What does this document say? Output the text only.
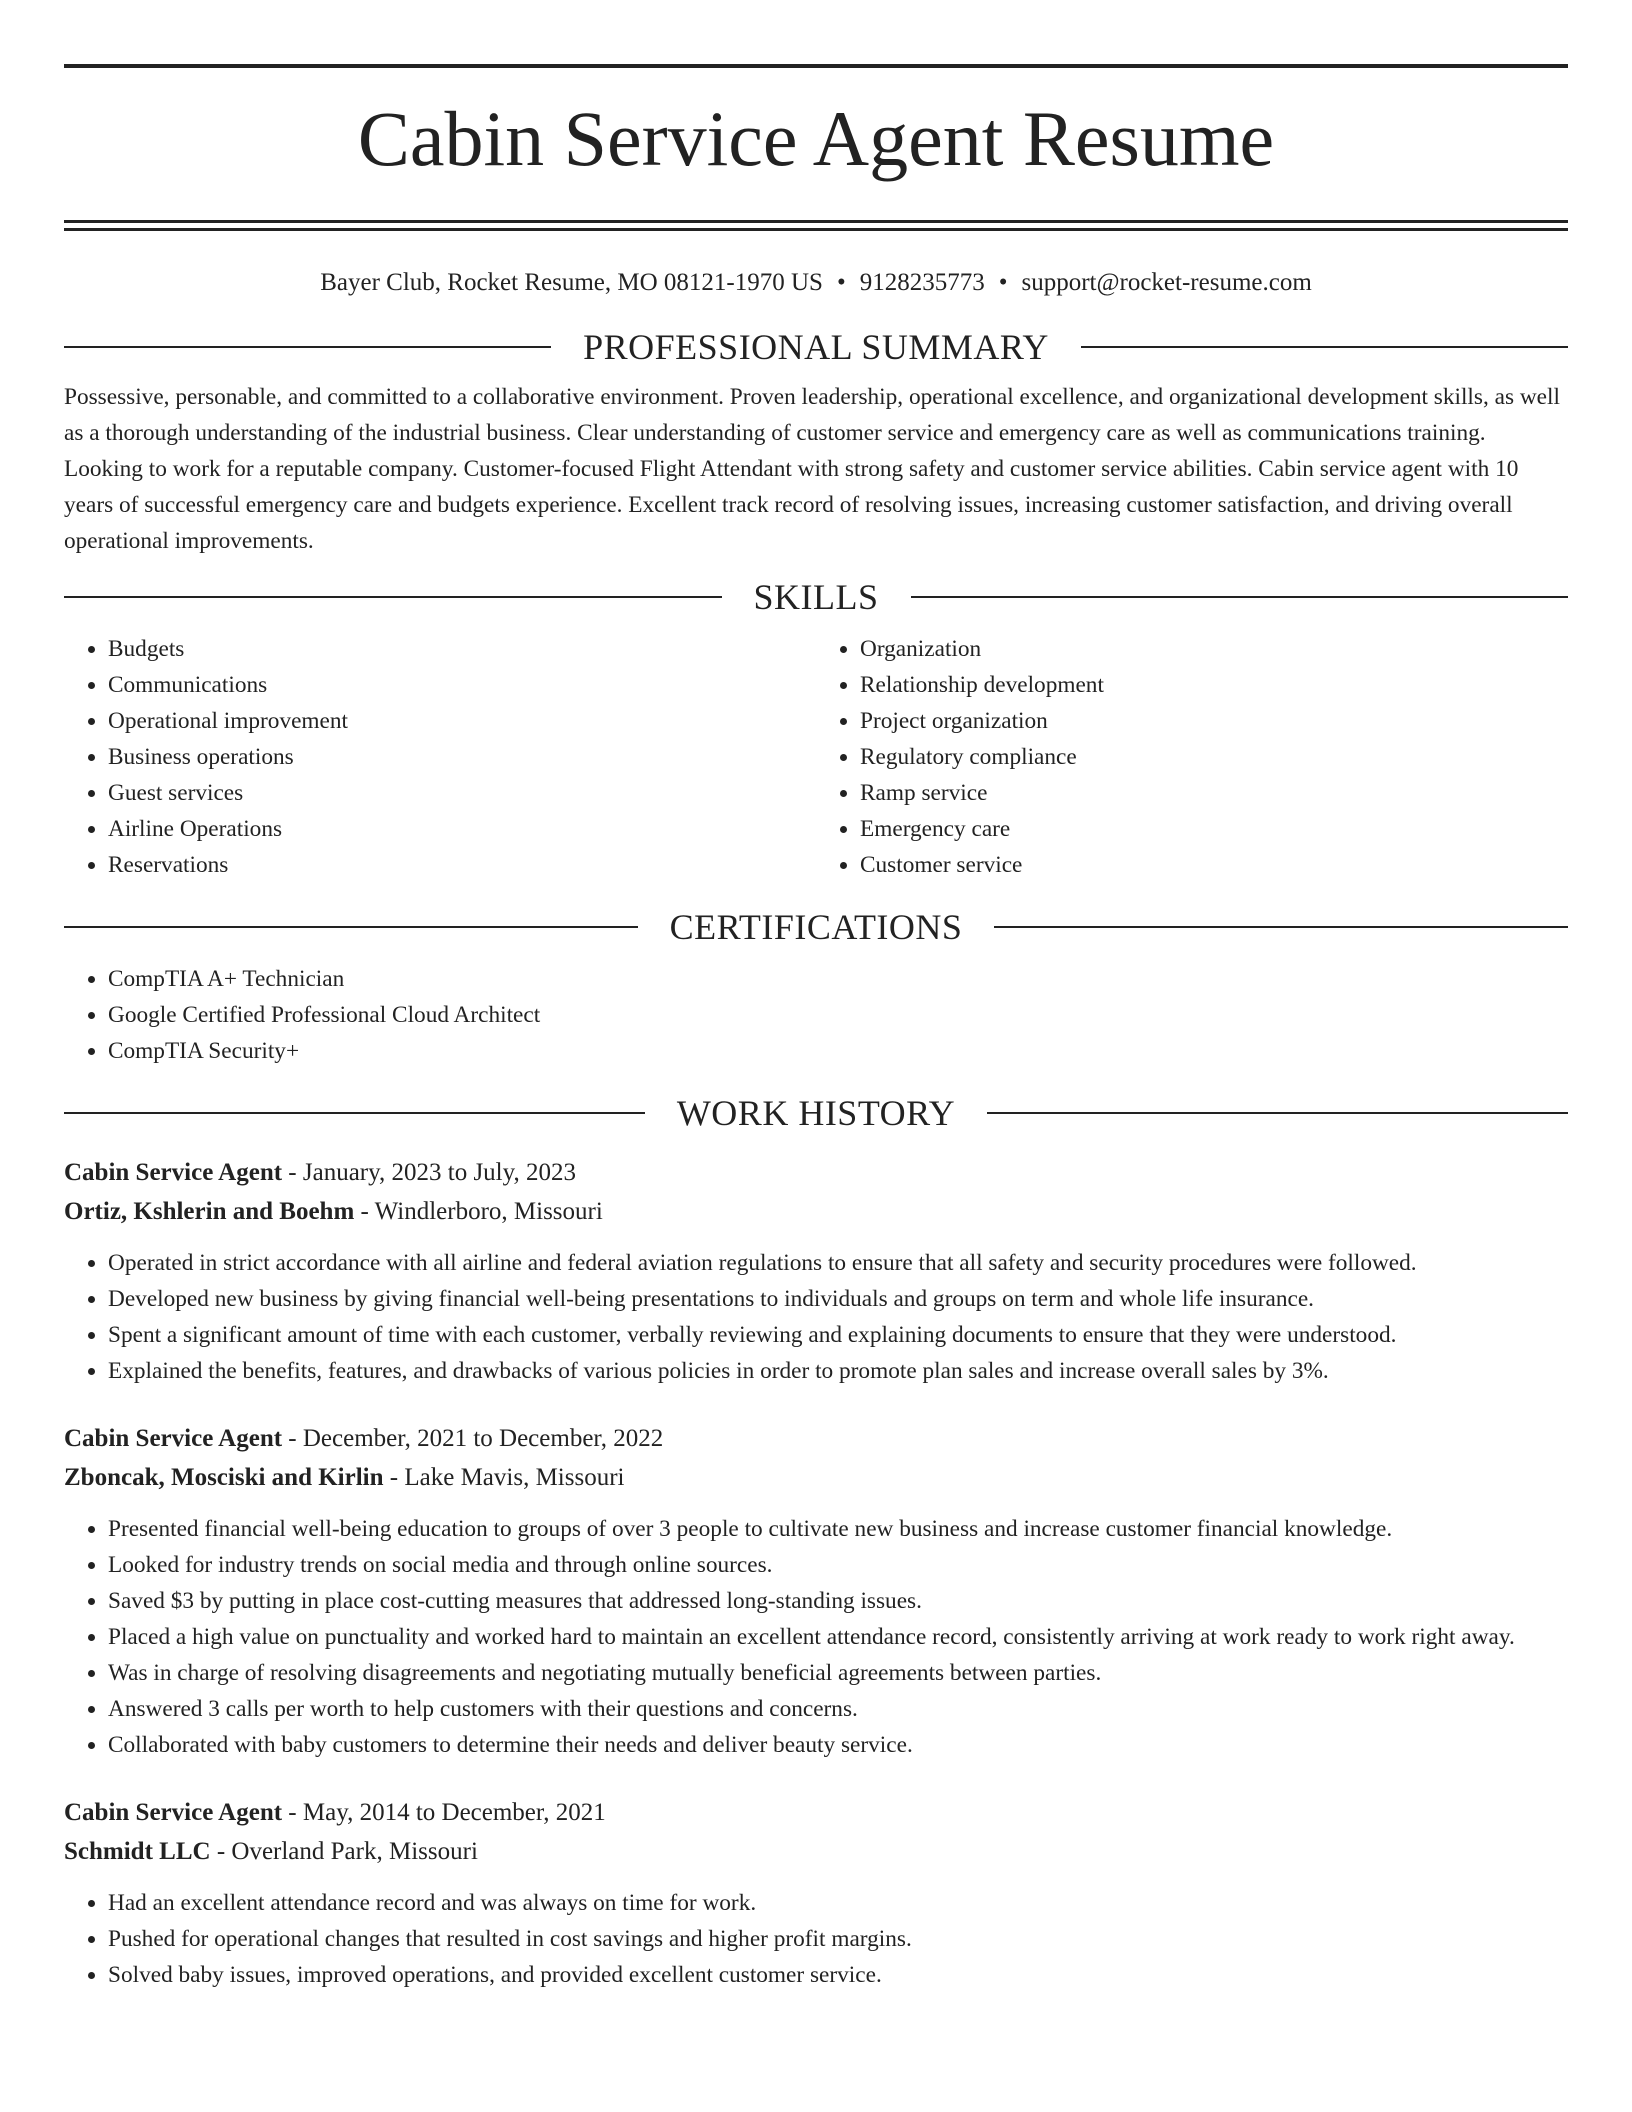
Cabin Service Agent Resume
Bayer Club, Rocket Resume, MO 08121-1970 US • 9128235773 • support@rocket-resume.com
PROFESSIONAL SUMMARY

Possessive, personable, and committed to a collaborative environment. Proven leadership, operational excellence, and organizational development skills, as well as a thorough understanding of the industrial business. Clear understanding of customer service and emergency care as well as communications training. Looking to work for a reputable company. Customer-focused Flight Attendant with strong safety and customer service abilities. Cabin service agent with 10 years of successful emergency care and budgets experience. Excellent track record of resolving issues, increasing customer satisfaction, and driving overall operational improvements.

SKILLS
• Budgets
• Communications
• Operational improvement
• Business operations
• Guest services
• Airline Operations
• Reservations
• Organization
• Relationship development
• Project organization
• Regulatory compliance
• Ramp service
• Emergency care
• Customer service
CERTIFICATIONS
• CompTIA A+ Technician
• Google Certified Professional Cloud Architect
• CompTIA Security+
WORK HISTORY
Cabin Service Agent - January, 2023 to July, 2023
Ortiz, Kshlerin and Boehm - Windlerboro, Missouri
• Operated in strict accordance with all airline and federal aviation regulations to ensure that all safety and security procedures were followed.
• Developed new business by giving financial well-being presentations to individuals and groups on term and whole life insurance.
• Spent a significant amount of time with each customer, verbally reviewing and explaining documents to ensure that they were understood.
• Explained the benefits, features, and drawbacks of various policies in order to promote plan sales and increase overall sales by 3%.
Cabin Service Agent - December, 2021 to December, 2022
Zboncak, Mosciski and Kirlin - Lake Mavis, Missouri
• Presented financial well-being education to groups of over 3 people to cultivate new business and increase customer financial knowledge.
• Looked for industry trends on social media and through online sources.
• Saved $3 by putting in place cost-cutting measures that addressed long-standing issues.
• Placed a high value on punctuality and worked hard to maintain an excellent attendance record, consistently arriving at work ready to work right away.
• Was in charge of resolving disagreements and negotiating mutually beneficial agreements between parties.
• Answered 3 calls per worth to help customers with their questions and concerns.
• Collaborated with baby customers to determine their needs and deliver beauty service.
Cabin Service Agent - May, 2014 to December, 2021
Schmidt LLC - Overland Park, Missouri
• Had an excellent attendance record and was always on time for work.
• Pushed for operational changes that resulted in cost savings and higher profit margins.
• Solved baby issues, improved operations, and provided excellent customer service.
